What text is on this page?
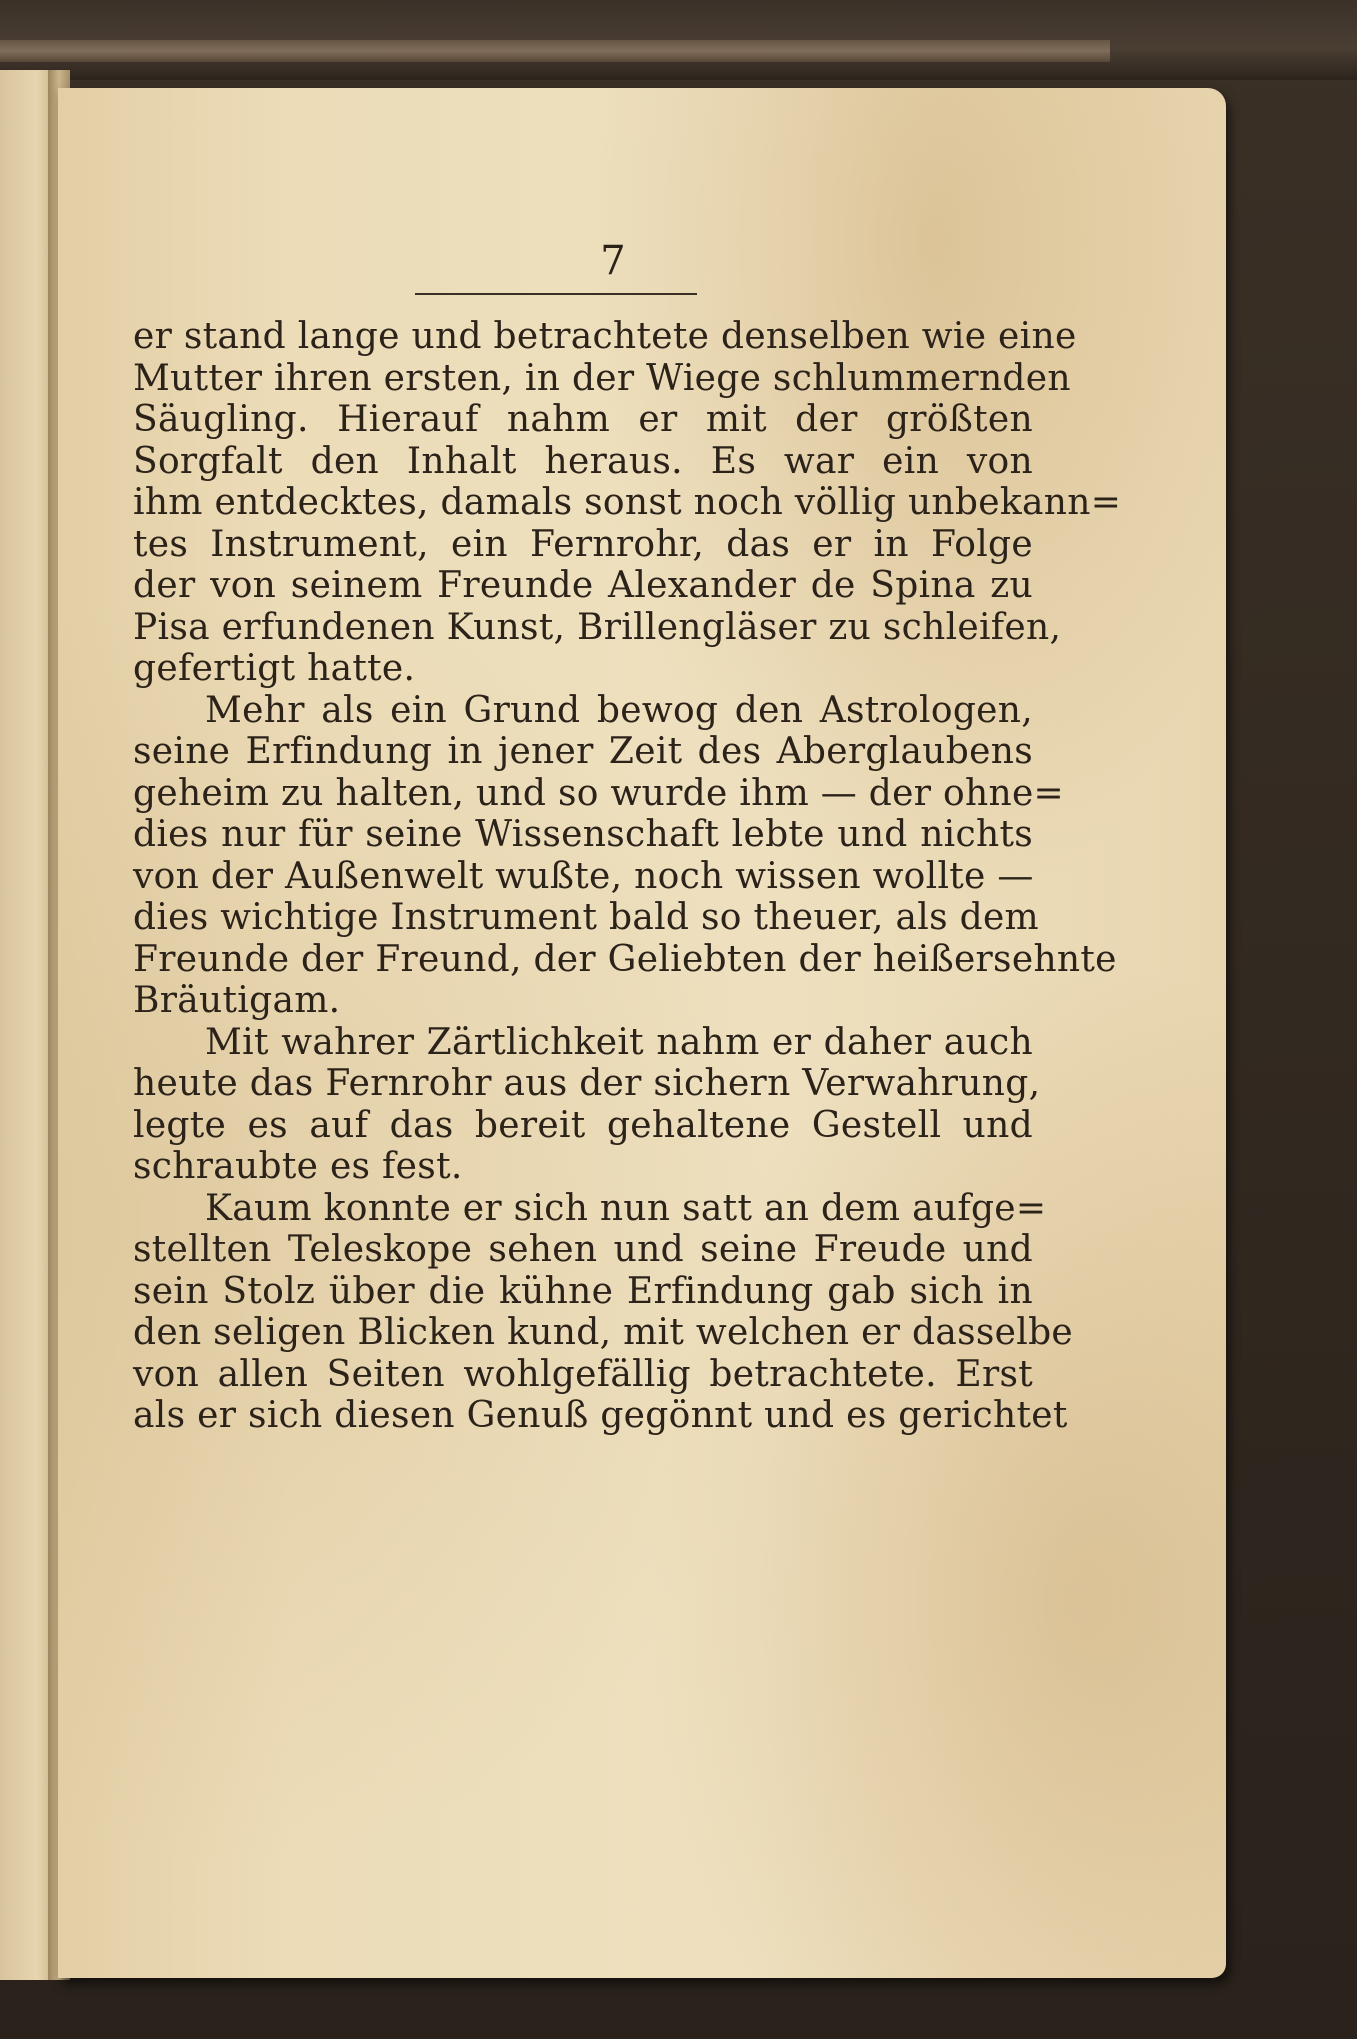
7
er stand lange und betrachtete denselben wie eine
Mutter ihren ersten, in der Wiege schlummernden
Säugling. Hierauf nahm er mit der größten
Sorgfalt den Inhalt heraus. Es war ein von
ihm entdecktes, damals sonst noch völlig unbekann=
tes Instrument, ein Fernrohr, das er in Folge
der von seinem Freunde Alexander de Spina zu
Pisa erfundenen Kunst, Brillengläser zu schleifen,
gefertigt hatte.
Mehr als ein Grund bewog den Astrologen,
seine Erfindung in jener Zeit des Aberglaubens
geheim zu halten, und so wurde ihm — der ohne=
dies nur für seine Wissenschaft lebte und nichts
von der Außenwelt wußte, noch wissen wollte —
dies wichtige Instrument bald so theuer, als dem
Freunde der Freund, der Geliebten der heißersehnte
Bräutigam.
Mit wahrer Zärtlichkeit nahm er daher auch
heute das Fernrohr aus der sichern Verwahrung,
legte es auf das bereit gehaltene Gestell und
schraubte es fest.
Kaum konnte er sich nun satt an dem aufge=
stellten Teleskope sehen und seine Freude und
sein Stolz über die kühne Erfindung gab sich in
den seligen Blicken kund, mit welchen er dasselbe
von allen Seiten wohlgefällig betrachtete. Erst
als er sich diesen Genuß gegönnt und es gerichtet
